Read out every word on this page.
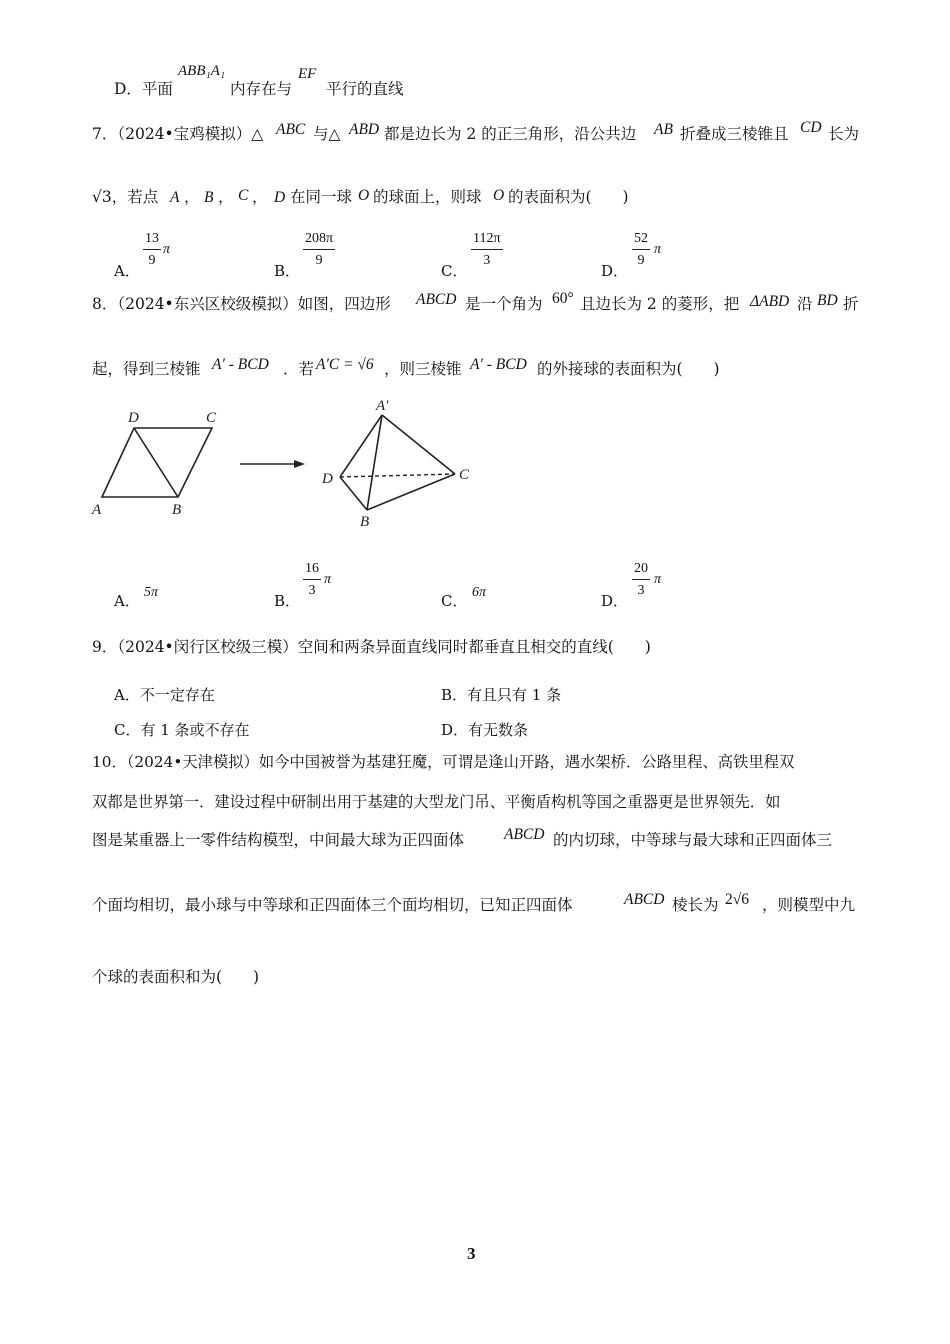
D．平面
ABB₁A₁
内存在与
EF
平行的直线
7．（2024•宝鸡模拟）△ ABC 与△ ABD 都是边长为 2 的正三角形，沿公共边 AB 折叠成三棱锥且 CD 长为
√3，若点 A ， B ， C ， D 在同一球 O 的球面上，则球 O 的表面积为(　　)
A．
$\frac{13}{9}$ π
B．
$\frac{208\pi}{9}$
C．
$\frac{112\pi}{3}$
D．
$\frac{52}{9}$ π
8．（2024•东兴区校级模拟）如图，四边形 ABCD 是一个角为 60° 且边长为 2 的菱形，把 ΔABD 沿 BD 折
起，得到三棱锥 A′ - BCD ．若 A′C = √6 ，则三棱锥 A′ - BCD 的外接球的表面积为(　　)
D	C
A	B
A′
D	C
B
A． 5π	B．
$\frac{16}{3}$ π
C． 6π	D．
$\frac{20}{3}$ π
9．（2024•闵行区校级三模）空间和两条异面直线同时都垂直且相交的直线(　　)
A．不一定存在	B．有且只有 1 条
C．有 1 条或不存在	D．有无数条
10．（2024•天津模拟）如今中国被誉为基建狂魔，可谓是逢山开路，遇水架桥．公路里程、高铁里程双
双都是世界第一．建设过程中研制出用于基建的大型龙门吊、平衡盾构机等国之重器更是世界领先．如
图是某重器上一零件结构模型，中间最大球为正四面体	ABCD 的内切球，中等球与最大球和正四面体三
个面均相切，最小球与中等球和正四面体三个面均相切，已知正四面体	ABCD 棱长为 2√6 ，则模型中九
个球的表面积和为(　　)
3
